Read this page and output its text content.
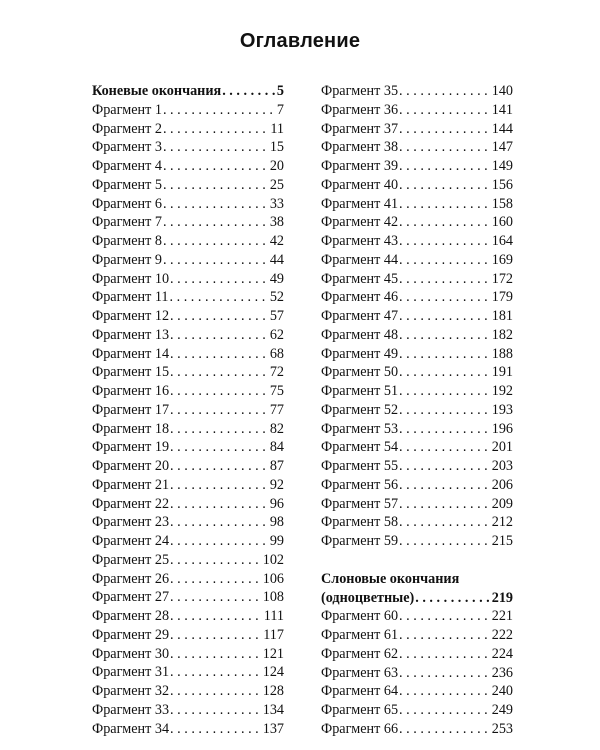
Оглавление
Коневые окончания . . .	5
Фрагмент 1 . . .	7
Фрагмент 2 . . .	11
Фрагмент 3 . . .	15
Фрагмент 4 . . .	20
Фрагмент 5 . . .	25
Фрагмент 6 . . .	33
Фрагмент 7 . . .	38
Фрагмент 8 . . .	42
Фрагмент 9 . . .	44
Фрагмент 10 . . .	49
Фрагмент 11 . . .	52
Фрагмент 12 . . .	57
Фрагмент 13 . . .	62
Фрагмент 14 . . .	68
Фрагмент 15 . . .	72
Фрагмент 16 . . .	75
Фрагмент 17 . . .	77
Фрагмент 18 . . .	82
Фрагмент 19 . . .	84
Фрагмент 20 . . .	87
Фрагмент 21 . . .	92
Фрагмент 22 . . .	96
Фрагмент 23 . . .	98
Фрагмент 24 . . .	99
Фрагмент 25 . . .	102
Фрагмент 26 . . .	106
Фрагмент 27 . . .	108
Фрагмент 28 . . .	111
Фрагмент 29 . . .	117
Фрагмент 30 . . .	121
Фрагмент 31 . . .	124
Фрагмент 32 . . .	128
Фрагмент 33 . . .	134
Фрагмент 34 . . .	137
Фрагмент 35 . . .	140
Фрагмент 36 . . .	141
Фрагмент 37 . . .	144
Фрагмент 38 . . .	147
Фрагмент 39 . . .	149
Фрагмент 40 . . .	156
Фрагмент 41 . . .	158
Фрагмент 42 . . .	160
Фрагмент 43 . . .	164
Фрагмент 44 . . .	169
Фрагмент 45 . . .	172
Фрагмент 46 . . .	179
Фрагмент 47 . . .	181
Фрагмент 48 . . .	182
Фрагмент 49 . . .	188
Фрагмент 50 . . .	191
Фрагмент 51 . . .	192
Фрагмент 52 . . .	193
Фрагмент 53 . . .	196
Фрагмент 54 . . .	201
Фрагмент 55 . . .	203
Фрагмент 56 . . .	206
Фрагмент 57 . . .	209
Фрагмент 58 . . .	212
Фрагмент 59 . . .	215
Слоновые окончания
(одноцветные) . . .	219
Фрагмент 60 . . .	221
Фрагмент 61 . . .	222
Фрагмент 62 . . .	224
Фрагмент 63 . . .	236
Фрагмент 64 . . .	240
Фрагмент 65 . . .	249
Фрагмент 66 . . .	253
